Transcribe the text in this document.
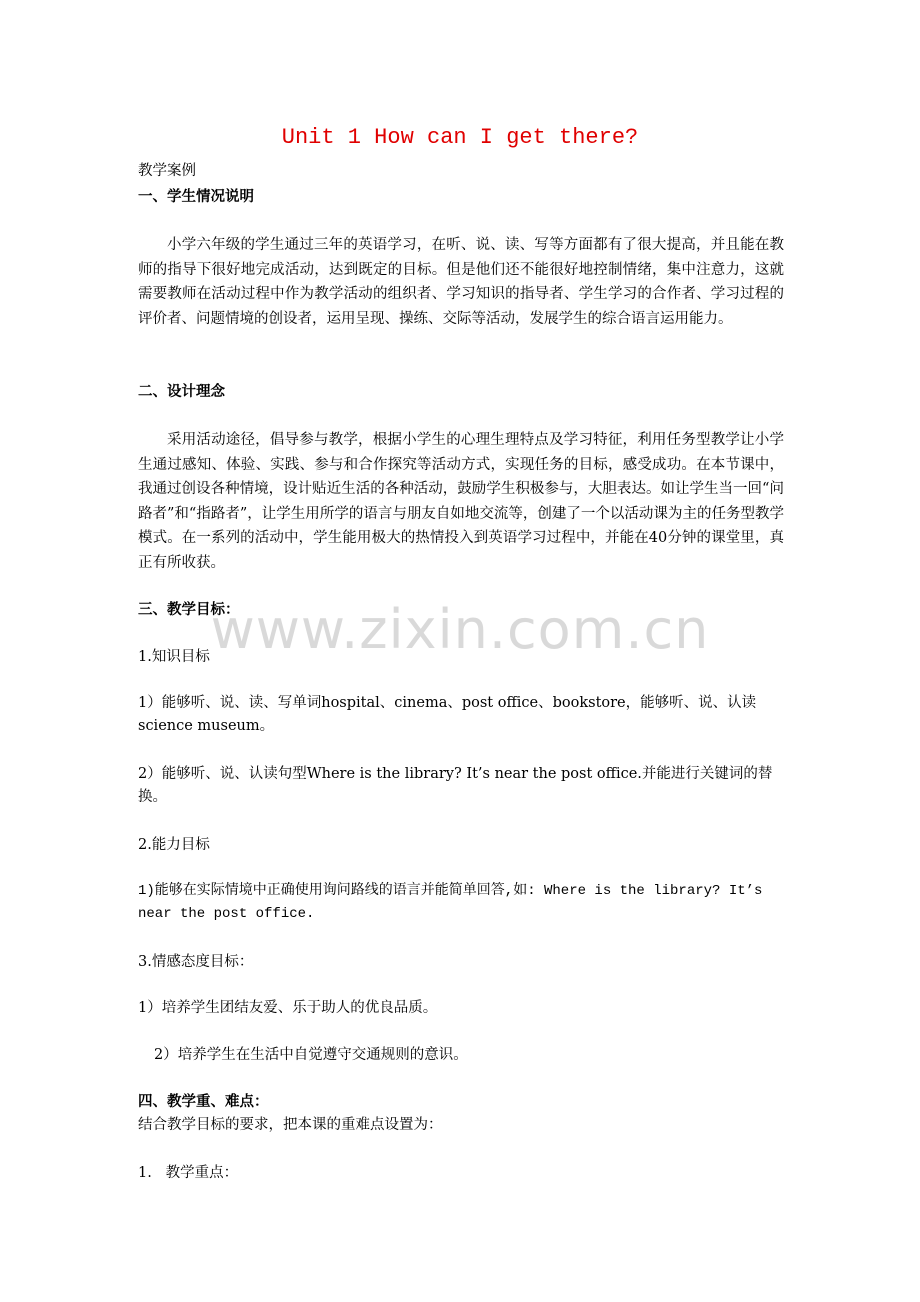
Unit 1 How can I get there?
教学案例
一、学生情况说明
小学六年级的学生通过三年的英语学习，在听、说、读、写等方面都有了很大提高，并且能在教师的指导下很好地完成活动，达到既定的目标。但是他们还不能很好地控制情绪，集中注意力，这就需要教师在活动过程中作为教学活动的组织者、学习知识的指导者、学生学习的合作者、学习过程的评价者、问题情境的创设者，运用呈现、操练、交际等活动，发展学生的综合语言运用能力。
二、设计理念
采用活动途径，倡导参与教学，根据小学生的心理生理特点及学习特征，利用任务型教学让小学生通过感知、体验、实践、参与和合作探究等活动方式，实现任务的目标，感受成功。在本节课中，我通过创设各种情境，设计贴近生活的各种活动，鼓励学生积极参与，大胆表达。如让学生当一回“问路者”和“指路者”，让学生用所学的语言与朋友自如地交流等，创建了一个以活动课为主的任务型教学模式。在一系列的活动中，学生能用极大的热情投入到英语学习过程中，并能在40分钟的课堂里，真正有所收获。
三、教学目标：
1.知识目标
1）能够听、说、读、写单词hospital、cinema、post office、bookstore，能够听、说、认读science museum。
2）能够听、说、认读句型Where is the library? It’s near the post office.并能进行关键词的替换。
2.能力目标
1)能够在实际情境中正确使用询问路线的语言并能简单回答,如: Where is the library? It’s near the post office.
3.情感态度目标：
1）培养学生团结友爱、乐于助人的优良品质。
2）培养学生在生活中自觉遵守交通规则的意识。
四、教学重、难点：
结合教学目标的要求，把本课的重难点设置为：
1.   教学重点：
www.zixin.com.cn
